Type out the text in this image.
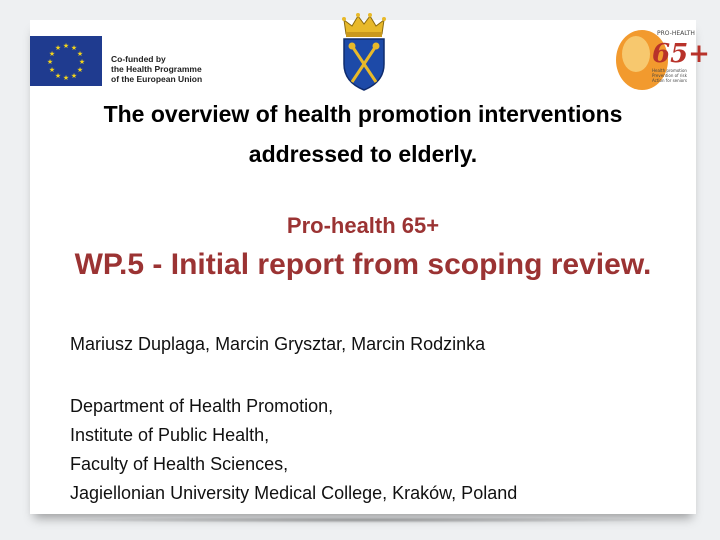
★ ★
★
★
★
★
★
★
★
★
★
★
Co-funded by
the Health Programme
of the European Union
PRO-HEALTH
65+
Health promotion
Prevention of risk
Action for seniors
The overview of health promotion interventions
addressed to elderly.
Pro-health 65+
WP.5 - Initial report from scoping review.
Mariusz Duplaga, Marcin Grysztar, Marcin Rodzinka
Department of Health Promotion,
Institute of Public Health,
Faculty of Health Sciences,
Jagiellonian University Medical College, Kraków, Poland
